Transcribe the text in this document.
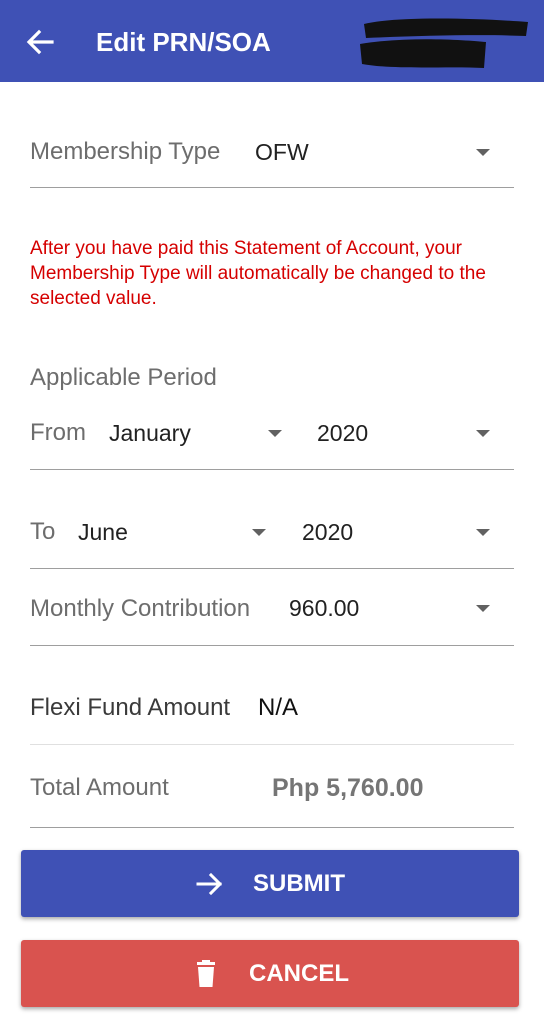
Edit PRN/SOA
Membership Type OFW
After you have paid this Statement of Account, your Membership Type will automatically be changed to the selected value.
Applicable Period
From January	2020
To June	2020
Monthly Contribution 960.00
Flexi Fund Amount N/A
Total Amount	Php 5,760.00
SUBMIT
CANCEL
